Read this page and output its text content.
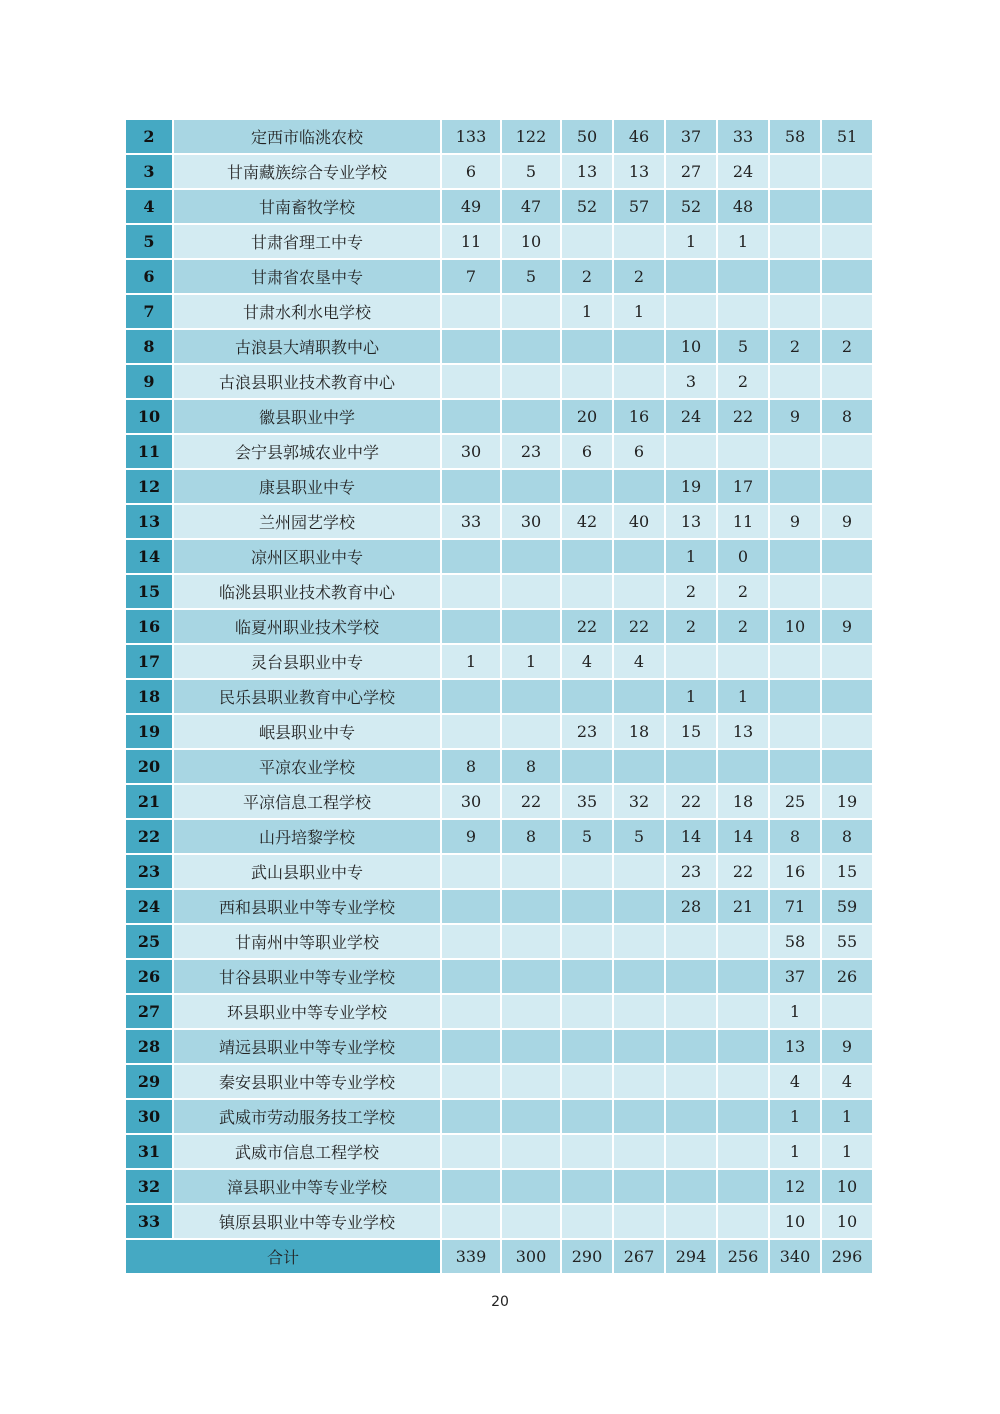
2	定西市临洮农校	133	122	50	46	37	33	58	51
3	甘南藏族综合专业学校	6	5	13	13	27	24		
4	甘南畜牧学校	49	47	52	57	52	48		
5	甘肃省理工中专	11	10			1	1		
6	甘肃省农垦中专	7	5	2	2				
7	甘肃水利水电学校			1	1				
8	古浪县大靖职教中心					10	5	2	2
9	古浪县职业技术教育中心					3	2		
10	徽县职业中学			20	16	24	22	9	8
11	会宁县郭城农业中学	30	23	6	6				
12	康县职业中专					19	17		
13	兰州园艺学校	33	30	42	40	13	11	9	9
14	凉州区职业中专					1	0		
15	临洮县职业技术教育中心					2	2		
16	临夏州职业技术学校			22	22	2	2	10	9
17	灵台县职业中专	1	1	4	4				
18	民乐县职业教育中心学校					1	1		
19	岷县职业中专			23	18	15	13		
20	平凉农业学校	8	8						
21	平凉信息工程学校	30	22	35	32	22	18	25	19
22	山丹培黎学校	9	8	5	5	14	14	8	8
23	武山县职业中专					23	22	16	15
24	西和县职业中等专业学校					28	21	71	59
25	甘南州中等职业学校							58	55
26	甘谷县职业中等专业学校							37	26
27	环县职业中等专业学校							1	
28	靖远县职业中等专业学校							13	9
29	秦安县职业中等专业学校							4	4
30	武威市劳动服务技工学校							1	1
31	武威市信息工程学校							1	1
32	漳县职业中等专业学校							12	10
33	镇原县职业中等专业学校							10	10
合计		339	300	290	267	294	256	340	296
20
